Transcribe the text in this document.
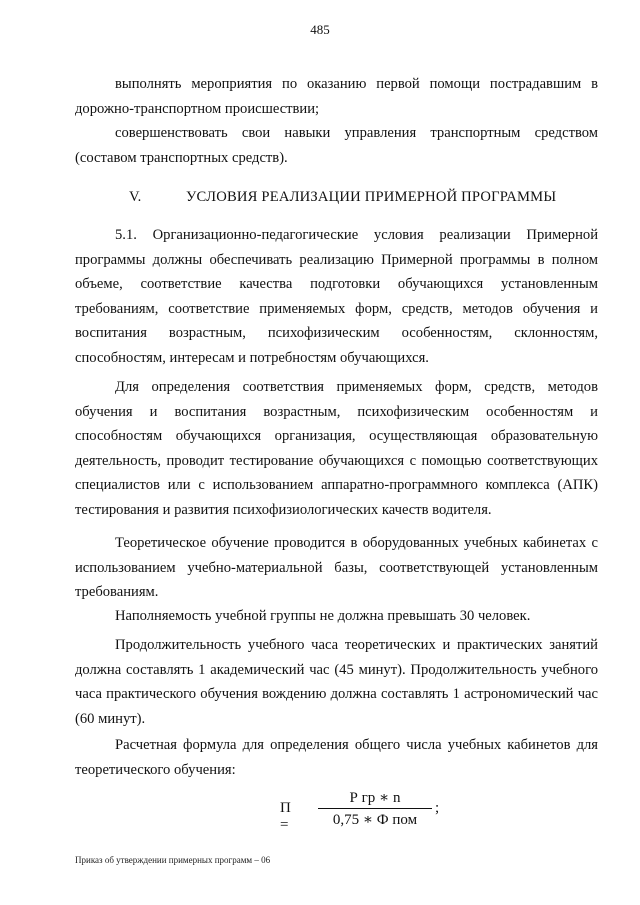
485
выполнять мероприятия по оказанию первой помощи пострадавшим в дорожно-транспортном происшествии;
совершенствовать свои навыки управления транспортным средством (составом транспортных средств).
V.	УСЛОВИЯ РЕАЛИЗАЦИИ ПРИМЕРНОЙ ПРОГРАММЫ
5.1. Организационно-педагогические условия реализации Примерной программы должны обеспечивать реализацию Примерной программы в полном объеме, соответствие качества подготовки обучающихся установленным требованиям, соответствие применяемых форм, средств, методов обучения и воспитания возрастным, психофизическим особенностям, склонностям, способностям, интересам и потребностям обучающихся.
Для определения соответствия применяемых форм, средств, методов обучения и воспитания возрастным, психофизическим особенностям и способностям обучающихся организация, осуществляющая образовательную деятельность, проводит тестирование обучающихся с помощью соответствующих специалистов или с использованием аппаратно-программного комплекса (АПК) тестирования и развития психофизиологических качеств водителя.
Теоретическое обучение проводится в оборудованных учебных кабинетах с использованием учебно-материальной базы, соответствующей установленным требованиям.
Наполняемость учебной группы не должна превышать 30 человек.
Продолжительность учебного часа теоретических и практических занятий должна составлять 1 академический час (45 минут). Продолжительность учебного часа практического обучения вождению должна составлять 1 астрономический час (60 минут).
Расчетная формула для определения общего числа учебных кабинетов для теоретического обучения:
П =
Р гр ∗ n
0,75 ∗ Ф пом
;
Приказ об утверждении примерных программ – 06
